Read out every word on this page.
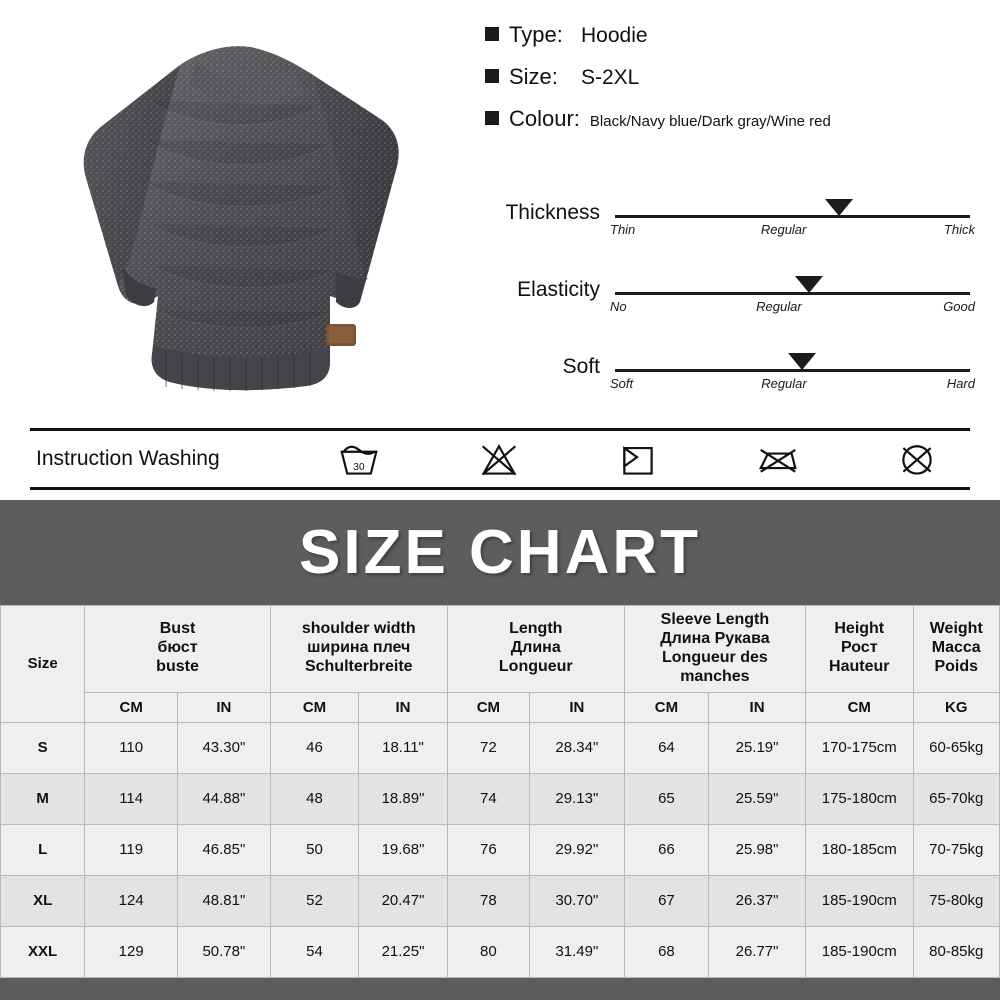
Type: Hoodie
Size:	S-2XL
Colour: Black/Navy blue/Dark gray/Wine red
Thickness
Thin	Regular	Thick
Elasticity
No	Regular	Good
Soft
Soft	Regular	Hard
Instruction Washing	30
SIZE CHART
Size

Bust
бюст
buste

shoulder width
ширина плеч
Schulterbreite

Length
Длина
Longueur

Sleeve Length
Длина Рукава
Longueur des
manches

Height
Рост
Hauteur

Weight
Macca
Poids

	CM	IN	CM	IN	CM	IN	CM	IN	CM	KG
S	110	43.30"	46	18.11"	72	28.34"	64	25.19"	170-175cm	60-65kg
M	114	44.88"	48	18.89"	74	29.13"	65	25.59"	175-180cm	65-70kg
L	119	46.85"	50	19.68"	76	29.92"	66	25.98"	180-185cm	70-75kg
XL	124	48.81"	52	20.47"	78	30.70"	67	26.37"	185-190cm	75-80kg
XXL	129	50.78"	54	21.25"	80	31.49"	68	26.77"	185-190cm	80-85kg
